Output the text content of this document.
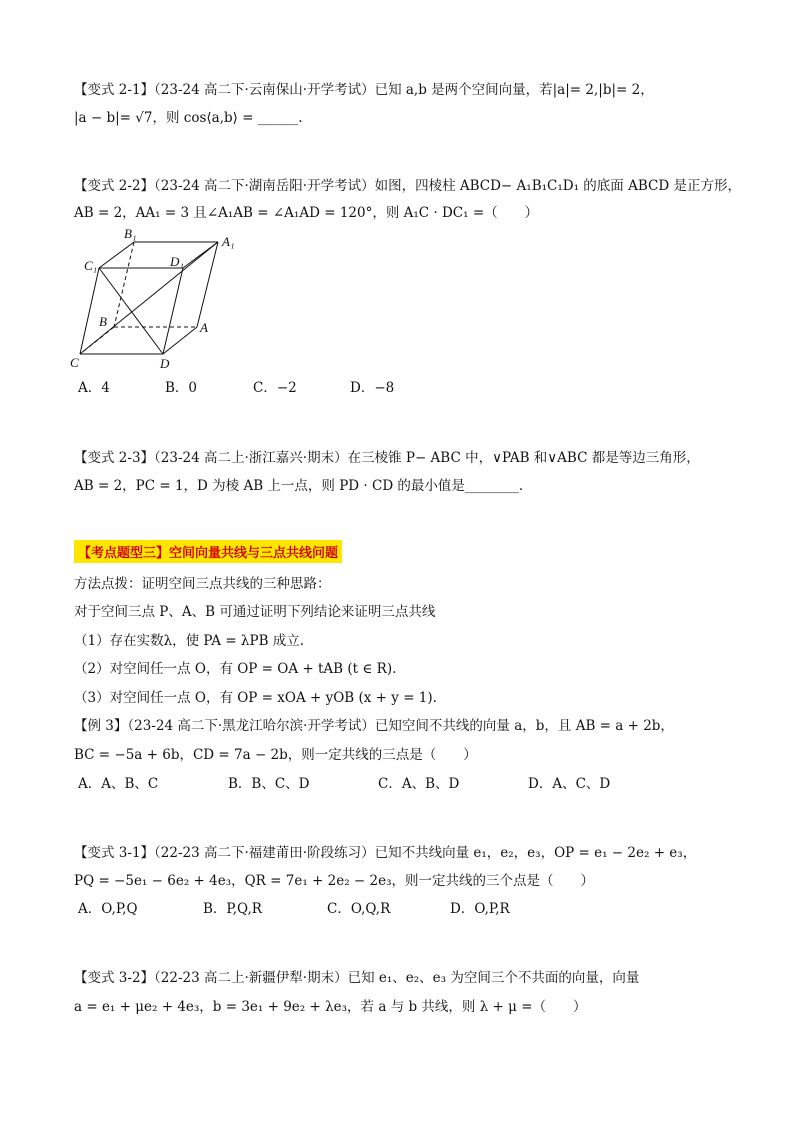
【变式 2-1】（23-24 高二下·云南保山·开学考试）已知 a,b 是两个空间向量，若|a|= 2,|b|= 2，
|a − b|= √7，则 cos⟨a,b⟩ = ______.
【变式 2-2】（23-24 高二下·湖南岳阳·开学考试）如图，四棱柱 ABCD− A₁B₁C₁D₁ 的底面 ABCD 是正方形，
AB = 2，AA₁ = 3 且∠A₁AB = ∠A₁AD = 120°，则 A₁C · DC₁ =（　　）
B₁
A₁
C₁	D₁
B	A
C	D
A．4	B．0	C．−2	D．−8
【变式 2-3】（23-24 高二上·浙江嘉兴·期末）在三棱锥 P− ABC 中，∨PAB 和∨ABC 都是等边三角形，
AB = 2，PC = 1，D 为棱 AB 上一点，则 PD · CD 的最小值是________．
【考点题型三】空间向量共线与三点共线问题
方法点拨：证明空间三点共线的三种思路：
对于空间三点 P、A、B 可通过证明下列结论来证明三点共线
（1）存在实数λ，使 PA = λPB 成立.
（2）对空间任一点 O，有 OP = OA + tAB (t ∈ R).
（3）对空间任一点 O，有 OP = xOA + yOB (x + y = 1).
【例 3】（23-24 高二下·黑龙江哈尔滨·开学考试）已知空间不共线的向量 a，b，且 AB = a + 2b，
BC = −5a + 6b，CD = 7a − 2b，则一定共线的三点是（　　）
A．A、B、C	B．B、C、D	C．A、B、D	D．A、C、D
【变式 3-1】（22-23 高二下·福建莆田·阶段练习）已知不共线向量 e₁，e₂，e₃，OP = e₁ − 2e₂ + e₃，
PQ = −5e₁ − 6e₂ + 4e₃，QR = 7e₁ + 2e₂ − 2e₃，则一定共线的三个点是（　　）
A．O,P,Q	B．P,Q,R	C．O,Q,R	D．O,P,R
【变式 3-2】（22-23 高二上·新疆伊犁·期末）已知 e₁、e₂、e₃ 为空间三个不共面的向量，向量
a = e₁ + μe₂ + 4e₃，b = 3e₁ + 9e₂ + λe₃，若 a 与 b 共线，则 λ + μ =（　　）
